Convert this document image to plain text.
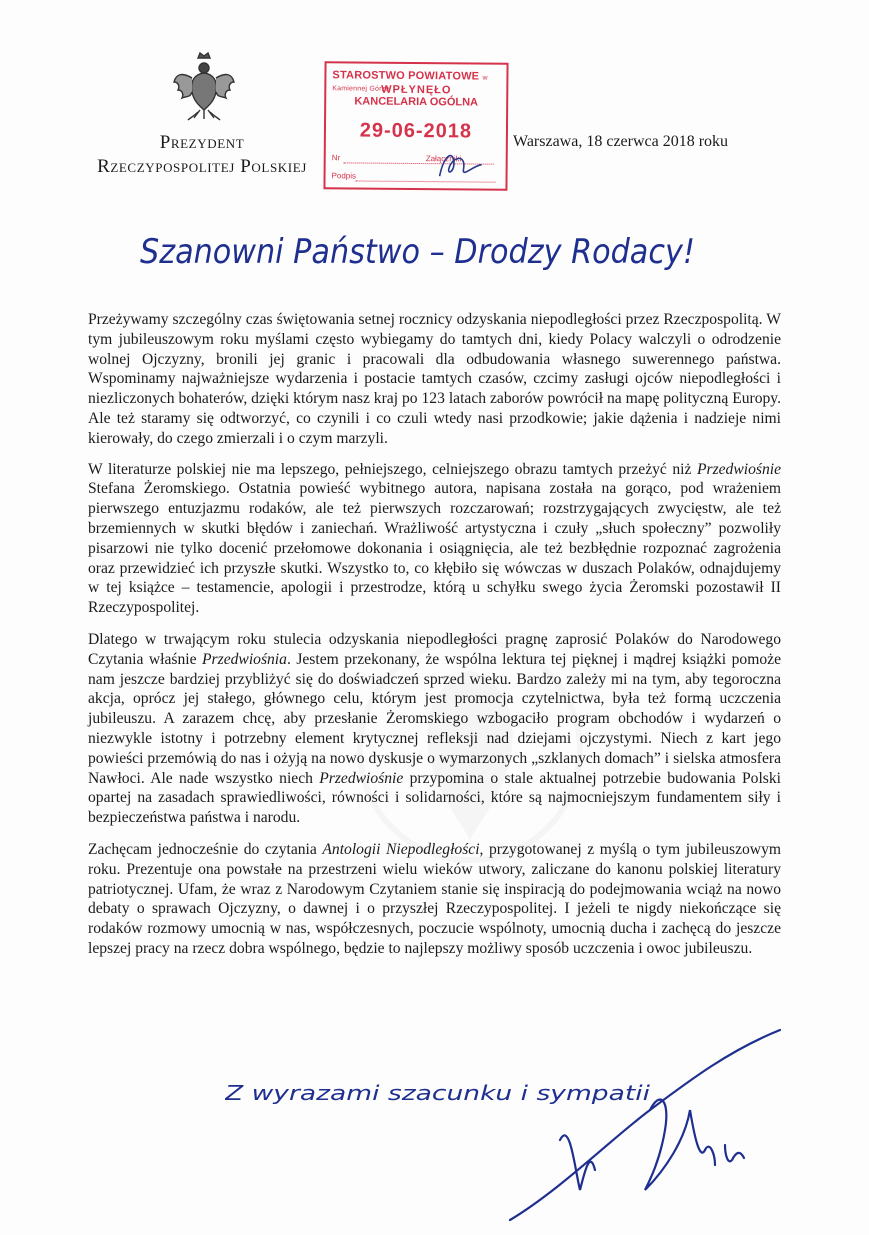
Prezydent
Rzeczypospolitej Polskiej
STAROSTWO POWIATOWE w Kamiennej Górze
WPŁYNĘŁO
KANCELARIA OGÓLNA
29-06-2018
Nr	Załączniki
Podpis
Warszawa, 18 czerwca 2018 roku
Szanowni Państwo – Drodzy Rodacy!

Przeżywamy szczególny czas świętowania setnej rocznicy odzyskania niepodległości przez Rzeczpospolitą. W tym jubileuszowym roku myślami często wybiegamy do tamtych dni, kiedy Polacy walczyli o odrodzenie wolnej Ojczyzny, bronili jej granic i pracowali dla odbudowania własnego suwerennego państwa. Wspominamy najważniejsze wydarzenia i postacie tamtych czasów, czcimy zasługi ojców niepodległości i niezliczonych bohaterów, dzięki którym nasz kraj po 123 latach zaborów powrócił na mapę polityczną Europy. Ale też staramy się odtworzyć, co czynili i co czuli wtedy nasi przodkowie; jakie dążenia i nadzieje nimi kierowały, do czego zmierzali i o czym marzyli.

W literaturze polskiej nie ma lepszego, pełniejszego, celniejszego obrazu tamtych przeżyć niż Przedwiośnie Stefana Żeromskiego. Ostatnia powieść wybitnego autora, napisana została na gorąco, pod wrażeniem pierwszego entuzjazmu rodaków, ale też pierwszych rozczarowań; rozstrzygających zwycięstw, ale też brzemiennych w skutki błędów i zaniechań. Wrażliwość artystyczna i czuły „słuch społeczny” pozwoliły pisarzowi nie tylko docenić przełomowe dokonania i osiągnięcia, ale też bezbłędnie rozpoznać zagrożenia oraz przewidzieć ich przyszłe skutki. Wszystko to, co kłębiło się wówczas w duszach Polaków, odnajdujemy w tej książce – testamencie, apologii i przestrodze, którą u schyłku swego życia Żeromski pozostawił II Rzeczypospolitej.

Dlatego w trwającym roku stulecia odzyskania niepodległości pragnę zaprosić Polaków do Narodowego Czytania właśnie Przedwiośnia. Jestem przekonany, że wspólna lektura tej pięknej i mądrej książki pomoże nam jeszcze bardziej przybliżyć się do doświadczeń sprzed wieku. Bardzo zależy mi na tym, aby tegoroczna akcja, oprócz jej stałego, głównego celu, którym jest promocja czytelnictwa, była też formą uczczenia jubileuszu. A zarazem chcę, aby przesłanie Żeromskiego wzbogaciło program obchodów i wydarzeń o niezwykle istotny i potrzebny element krytycznej refleksji nad dziejami ojczystymi. Niech z kart jego powieści przemówią do nas i ożyją na nowo dyskusje o wymarzonych „szklanych domach” i sielska atmosfera Nawłoci. Ale nade wszystko niech Przedwiośnie przypomina o stale aktualnej potrzebie budowania Polski opartej na zasadach sprawiedliwości, równości i solidarności, które są najmocniejszym fundamentem siły i bezpieczeństwa państwa i narodu.

Zachęcam jednocześnie do czytania Antologii Niepodległości, przygotowanej z myślą o tym jubileuszowym roku. Prezentuje ona powstałe na przestrzeni wielu wieków utwory, zaliczane do kanonu polskiej literatury patriotycznej. Ufam, że wraz z Narodowym Czytaniem stanie się inspiracją do podejmowania wciąż na nowo debaty o sprawach Ojczyzny, o dawnej i o przyszłej Rzeczypospolitej. I jeżeli te nigdy niekończące się rodaków rozmowy umocnią w nas, współczesnych, poczucie wspólnoty, umocnią ducha i zachęcą do jeszcze lepszej pracy na rzecz dobra wspólnego, będzie to najlepszy możliwy sposób uczczenia i owoc jubileuszu.

Z wyrazami szacunku i sympatii
